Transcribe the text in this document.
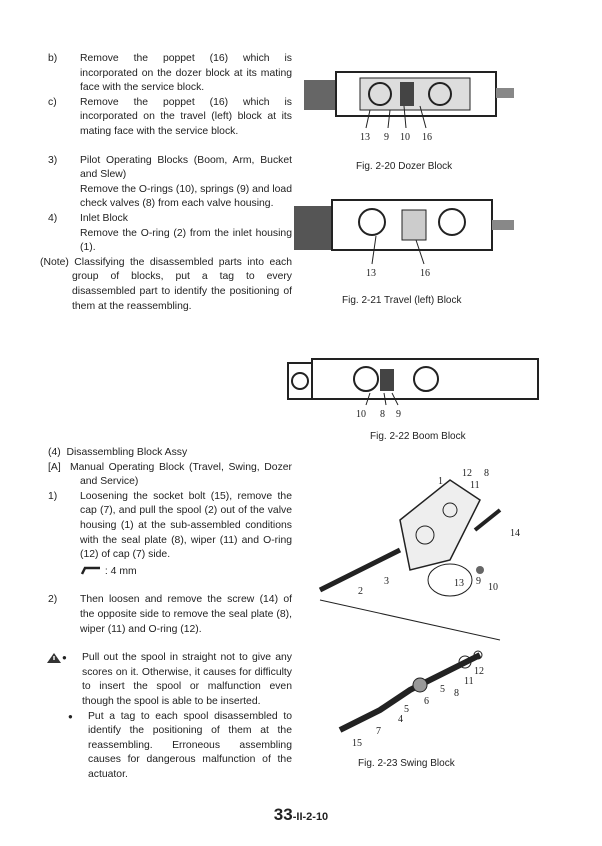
b) Remove the poppet (16) which is incorporated on the dozer block at its mating face with the service block.
c) Remove the poppet (16) which is incorporated on the travel (left) block at its mating face with the service block.
3) Pilot Operating Blocks (Boom, Arm, Bucket and Slew)
Remove the O-rings (10), springs (9) and load check valves (8) from each valve housing.
4) Inlet Block
Remove the O-ring (2) from the inlet housing (1).
(Note) Classifying the disassembled parts into each group of blocks, put a tag to every disassembled part to identify the positioning of them at the reassembling.
(4)  Disassembling Block Assy
[A]  Manual Operating Block (Travel, Swing, Dozer and Service)
1) Loosening the socket bolt (15), remove the cap (7), and pull the spool (2) out of the valve housing (1) at the sub-assembled conditions with the seal plate (8), wiper (11) and O-ring (12) of cap (7) side.
: 4 mm
2) Then loosen and remove the screw (14) of the opposite side to remove the seal plate (8), wiper (11) and O-ring (12).
● Pull out the spool in straight not to give any scores on it. Otherwise, it causes for difficulty to insert the spool or malfunction even though the spool is able to be inserted.
● Put a tag to each spool disassembled to identify the positioning of them at the reassembling. Erroneous assembling causes for dangerous malfunction of the actuator.
13 9 10 16
Fig. 2-20 Dozer Block
13	16
Fig. 2-21 Travel (left) Block
10 8 9
Fig. 2-22 Boom Block
12 8
1	11
14
3	13 9
10
2
11
12
8
5
6
4
5
7
15
Fig. 2-23 Swing Block
33-II-2-10
